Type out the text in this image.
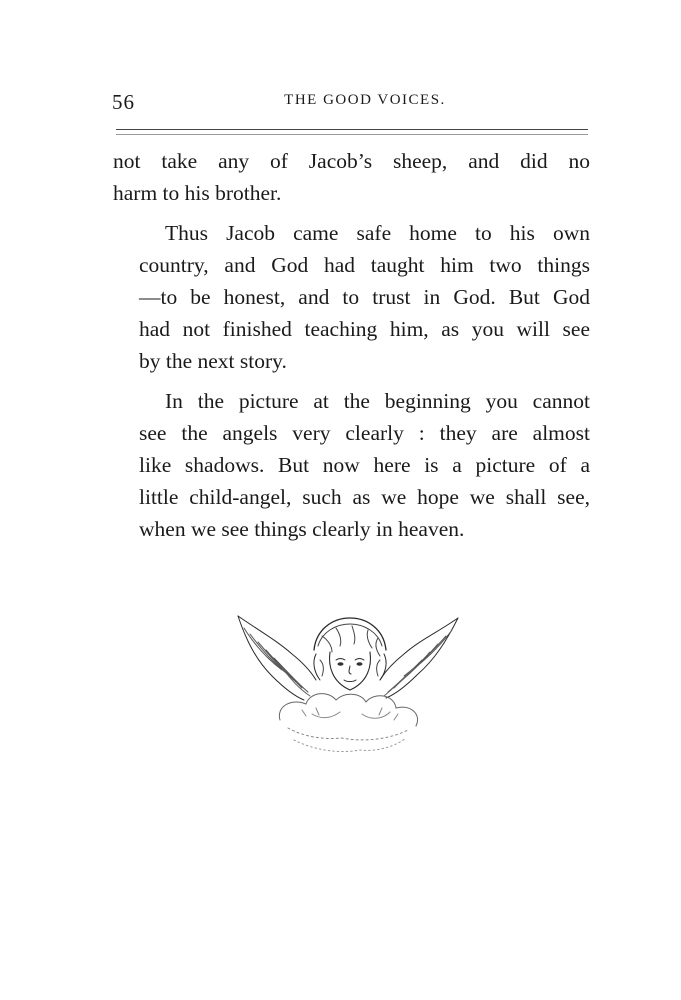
56	THE GOOD VOICES.

not take any of Jacob’s sheep, and did no
harm to his brother.

Thus Jacob came safe home to his own
country, and God had taught him two things
—to be honest, and to trust in God. But God
had not finished teaching him, as you will see
by the next story.

In the picture at the beginning you cannot
see the angels very clearly : they are almost
like shadows. But now here is a picture of a
little child-angel, such as we hope we shall see,
when we see things clearly in heaven.
